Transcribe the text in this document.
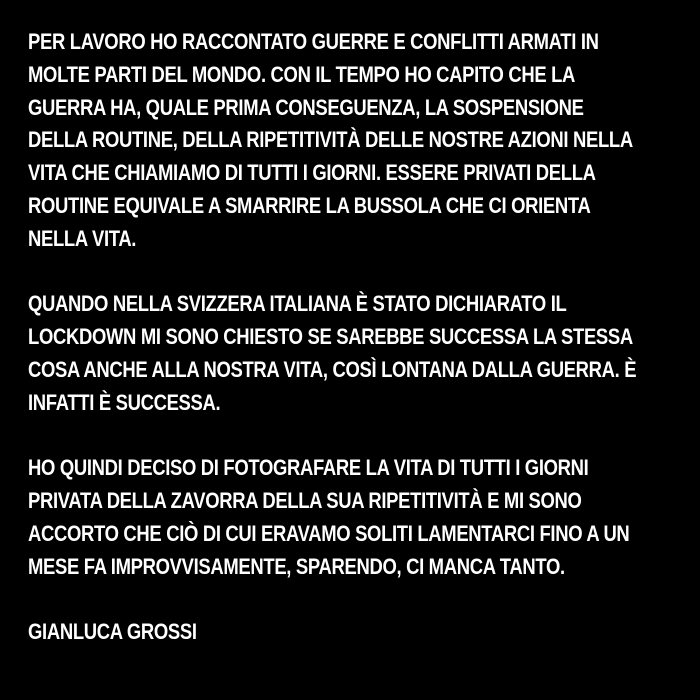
PER LAVORO HO RACCONTATO GUERRE E CONFLITTI ARMATI IN
MOLTE PARTI DEL MONDO. CON IL TEMPO HO CAPITO CHE LA
GUERRA HA, QUALE PRIMA CONSEGUENZA, LA SOSPENSIONE
DELLA ROUTINE, DELLA RIPETITIVITÀ DELLE NOSTRE AZIONI NELLA
VITA CHE CHIAMIAMO DI TUTTI I GIORNI. ESSERE PRIVATI DELLA
ROUTINE EQUIVALE A SMARRIRE LA BUSSOLA CHE CI ORIENTA
NELLA VITA.
QUANDO NELLA SVIZZERA ITALIANA È STATO DICHIARATO IL
LOCKDOWN MI SONO CHIESTO SE SAREBBE SUCCESSA LA STESSA
COSA ANCHE ALLA NOSTRA VITA, COSÌ LONTANA DALLA GUERRA. È
INFATTI È SUCCESSA.
HO QUINDI DECISO DI FOTOGRAFARE LA VITA DI TUTTI I GIORNI
PRIVATA DELLA ZAVORRA DELLA SUA RIPETITIVITÀ E MI SONO
ACCORTO CHE CIÒ DI CUI ERAVAMO SOLITI LAMENTARCI FINO A UN
MESE FA IMPROVVISAMENTE, SPARENDO, CI MANCA TANTO.
GIANLUCA GROSSI
